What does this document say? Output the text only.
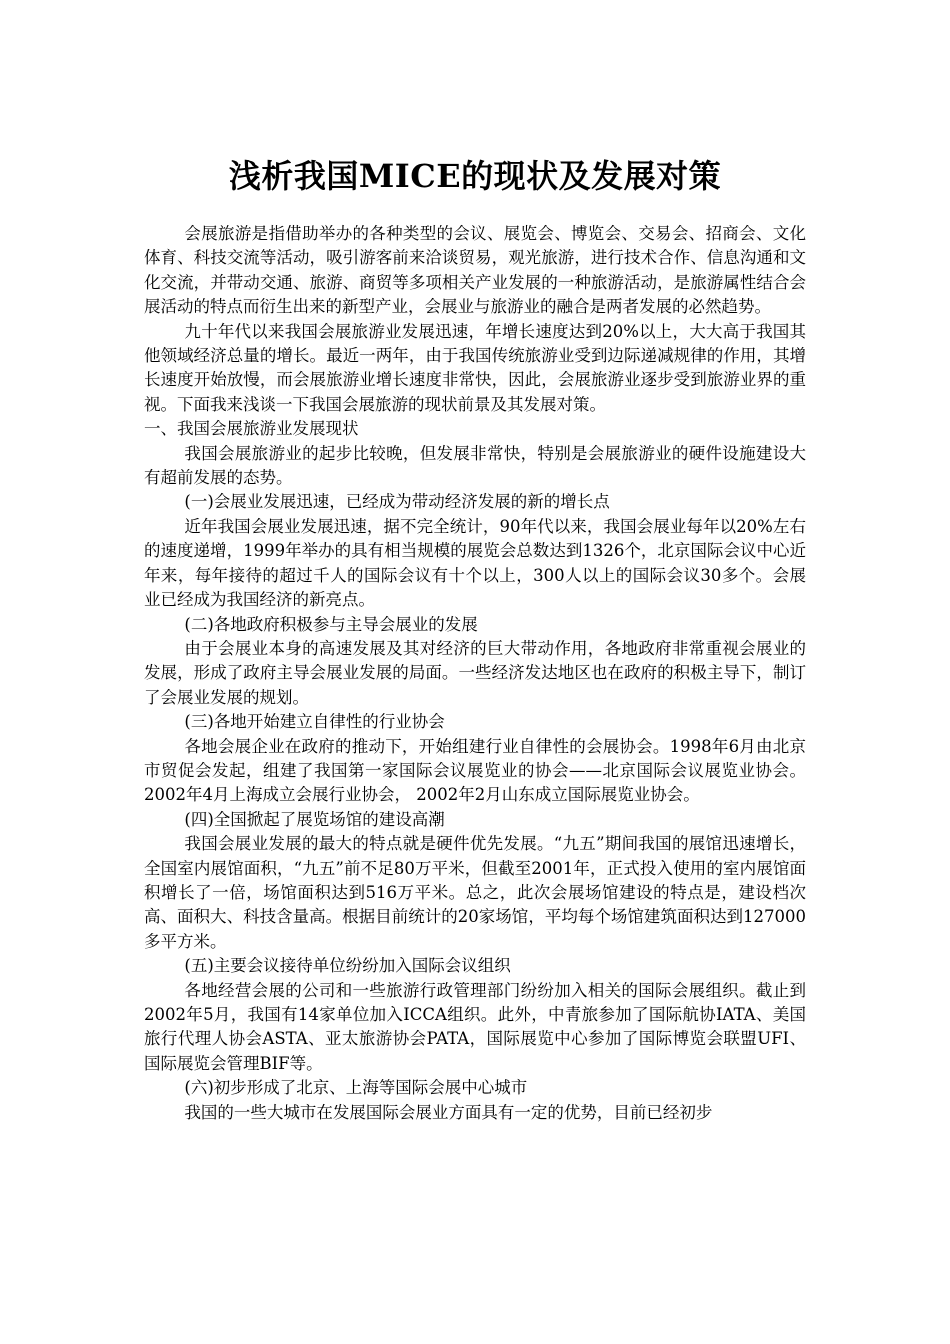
浅析我国MICE的现状及发展对策

会展旅游是指借助举办的各种类型的会议、展览会、博览会、交易会、招商会、文化体育、科技交流等活动，吸引游客前来洽谈贸易，观光旅游，进行技术合作、信息沟通和文化交流，并带动交通、旅游、商贸等多项相关产业发展的一种旅游活动，是旅游属性结合会展活动的特点而衍生出来的新型产业，会展业与旅游业的融合是两者发展的必然趋势。

九十年代以来我国会展旅游业发展迅速，年增长速度达到20%以上，大大高于我国其他领域经济总量的增长。最近一两年，由于我国传统旅游业受到边际递减规律的作用，其增长速度开始放慢，而会展旅游业增长速度非常快，因此，会展旅游业逐步受到旅游业界的重视。下面我来浅谈一下我国会展旅游的现状前景及其发展对策。

一、我国会展旅游业发展现状

我国会展旅游业的起步比较晚，但发展非常快，特别是会展旅游业的硬件设施建设大有超前发展的态势。

(一)会展业发展迅速，已经成为带动经济发展的新的增长点

近年我国会展业发展迅速，据不完全统计，90年代以来，我国会展业每年以20%左右的速度递增，1999年举办的具有相当规模的展览会总数达到1326个，北京国际会议中心近年来，每年接待的超过千人的国际会议有十个以上，300人以上的国际会议30多个。会展业已经成为我国经济的新亮点。

(二)各地政府积极参与主导会展业的发展

由于会展业本身的高速发展及其对经济的巨大带动作用，各地政府非常重视会展业的发展，形成了政府主导会展业发展的局面。一些经济发达地区也在政府的积极主导下，制订了会展业发展的规划。

(三)各地开始建立自律性的行业协会

各地会展企业在政府的推动下，开始组建行业自律性的会展协会。1998年6月由北京市贸促会发起，组建了我国第一家国际会议展览业的协会——北京国际会议展览业协会。 2002年4月上海成立会展行业协会， 2002年2月山东成立国际展览业协会。

(四)全国掀起了展览场馆的建设高潮

我国会展业发展的最大的特点就是硬件优先发展。“九五”期间我国的展馆迅速增长，全国室内展馆面积，“九五”前不足80万平米，但截至2001年，正式投入使用的室内展馆面积增长了一倍，场馆面积达到516万平米。总之，此次会展场馆建设的特点是，建设档次高、面积大、科技含量高。根据目前统计的20家场馆，平均每个场馆建筑面积达到127000多平方米。

(五)主要会议接待单位纷纷加入国际会议组织

各地经营会展的公司和一些旅游行政管理部门纷纷加入相关的国际会展组织。截止到2002年5月，我国有14家单位加入ICCA组织。此外，中青旅参加了国际航协IATA、美国旅行代理人协会ASTA、亚太旅游协会PATA，国际展览中心参加了国际博览会联盟UFI、国际展览会管理BIF等。

(六)初步形成了北京、上海等国际会展中心城市

我国的一些大城市在发展国际会展业方面具有一定的优势，目前已经初步
